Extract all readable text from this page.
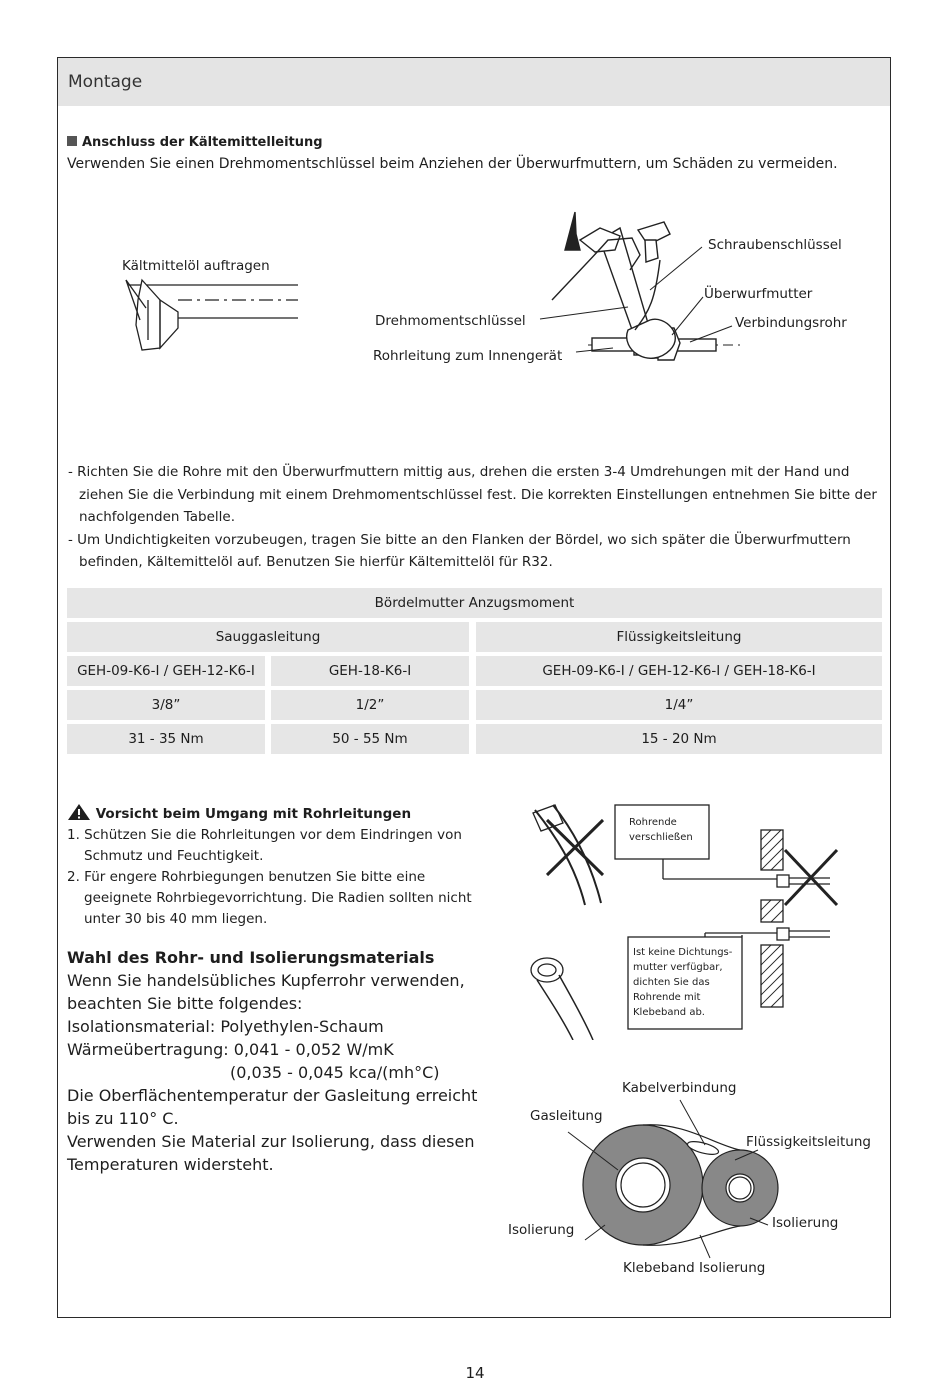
Montage
Anschluss der Kältemittelleitung
Verwenden Sie einen Drehmomentschlüssel beim Anziehen der Überwurfmuttern, um Schäden zu vermeiden.
Kältmittelöl auftragen
Schraubenschlüssel
Überwurfmutter
Drehmomentschlüssel	Verbindungsrohr
Rohrleitung zum Innengerät
- Richten Sie die Rohre mit den Überwurfmuttern mittig aus, drehen die ersten 3-4 Umdrehungen mit der Hand und ziehen Sie die Verbindung mit einem Drehmomentschlüssel fest. Die korrekten Einstellungen entnehmen Sie bitte der nachfolgenden Tabelle.
- Um Undichtigkeiten vorzubeugen, tragen Sie bitte an den Flanken der Bördel, wo sich später die Überwurfmuttern befinden, Kältemittelöl auf. Benutzen Sie hierfür Kältemittelöl für R32.
Bördelmutter Anzugsmoment
Sauggasleitung	Flüssigkeitsleitung
GEH-09-K6-I / GEH-12-K6-I	GEH-18-K6-I	GEH-09-K6-I / GEH-12-K6-I / GEH-18-K6-I
3/8”	1/2”	1/4”
31 - 35 Nm	50 - 55 Nm	15 - 20 Nm
Vorsicht beim Umgang mit Rohrleitungen
1. Schützen Sie die Rohrleitungen vor dem Eindringen von Schmutz und Feuchtigkeit.
2. Für engere Rohrbiegungen benutzen Sie bitte eine geeignete Rohrbiegevorrichtung. Die Radien sollten nicht unter 30 bis 40 mm liegen.
Rohrende
verschließen
Ist keine Dichtungs-
mutter verfügbar,
dichten Sie das
Rohrende mit
Klebeband ab.
Wahl des Rohr- und Isolierungsmaterials
Wenn Sie handelsübliches Kupferrohr verwenden,
beachten Sie bitte folgendes:
Isolationsmaterial: Polyethylen-Schaum
Wärmeübertragung: 0,041 - 0,052 W/mK
(0,035 - 0,045 kca/(mh°C)
Die Oberflächentemperatur der Gasleitung erreicht
bis zu 110° C.
Verwenden Sie Material zur Isolierung, dass diesen
Temperaturen widersteht.
Kabelverbindung
Gasleitung
Flüssigkeitsleitung
Isolierung	Isolierung
Klebeband Isolierung
14
